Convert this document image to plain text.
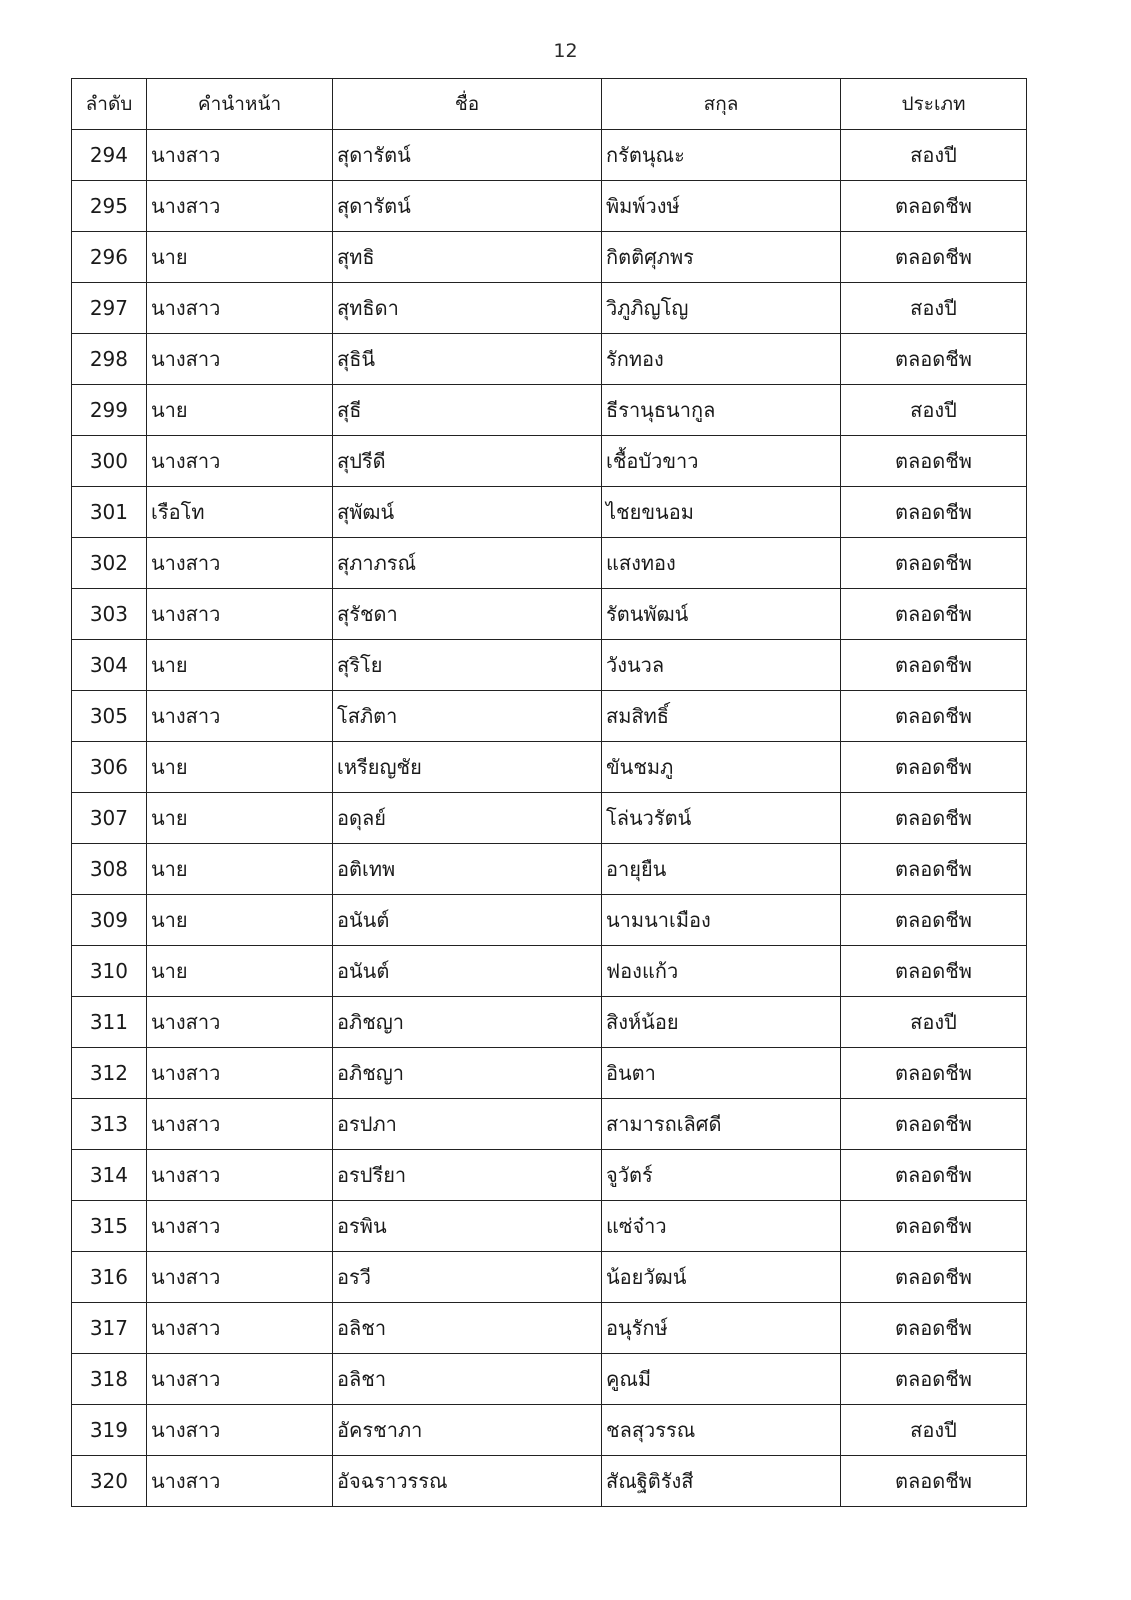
12
ลำดับ	คำนำหน้า	ชื่อ	สกุล	ประเภท
294	นางสาว	สุดารัตน์	กรัตนุณะ	สองปี
295	นางสาว	สุดารัตน์	พิมพ์วงษ์	ตลอดชีพ
296	นาย	สุทธิ	กิตติศุภพร	ตลอดชีพ
297	นางสาว	สุทธิดา	วิภูภิญโญ	สองปี
298	นางสาว	สุธินี	รักทอง	ตลอดชีพ
299	นาย	สุธี	ธีรานุธนากูล	สองปี
300	นางสาว	สุปรีดี	เชื้อบัวขาว	ตลอดชีพ
301	เรือโท	สุพัฒน์	ไชยขนอม	ตลอดชีพ
302	นางสาว	สุภาภรณ์	แสงทอง	ตลอดชีพ
303	นางสาว	สุรัชดา	รัตนพัฒน์	ตลอดชีพ
304	นาย	สุริโย	วังนวล	ตลอดชีพ
305	นางสาว	โสภิตา	สมสิทธิ์	ตลอดชีพ
306	นาย	เหรียญชัย	ขันชมภู	ตลอดชีพ
307	นาย	อดุลย์	โล่นวรัตน์	ตลอดชีพ
308	นาย	อติเทพ	อายุยืน	ตลอดชีพ
309	นาย	อนันต์	นามนาเมือง	ตลอดชีพ
310	นาย	อนันต์	ฟองแก้ว	ตลอดชีพ
311	นางสาว	อภิชญา	สิงห์น้อย	สองปี
312	นางสาว	อภิชญา	อินตา	ตลอดชีพ
313	นางสาว	อรปภา	สามารถเลิศดี	ตลอดชีพ
314	นางสาว	อรปรียา	จูวัตร์	ตลอดชีพ
315	นางสาว	อรพิน	แซ่จ๋าว	ตลอดชีพ
316	นางสาว	อรวี	น้อยวัฒน์	ตลอดชีพ
317	นางสาว	อลิชา	อนุรักษ์	ตลอดชีพ
318	นางสาว	อลิชา	คูณมี	ตลอดชีพ
319	นางสาว	อัครชาภา	ชลสุวรรณ	สองปี
320	นางสาว	อัจฉราวรรณ	สัณฐิติรังสี	ตลอดชีพ
